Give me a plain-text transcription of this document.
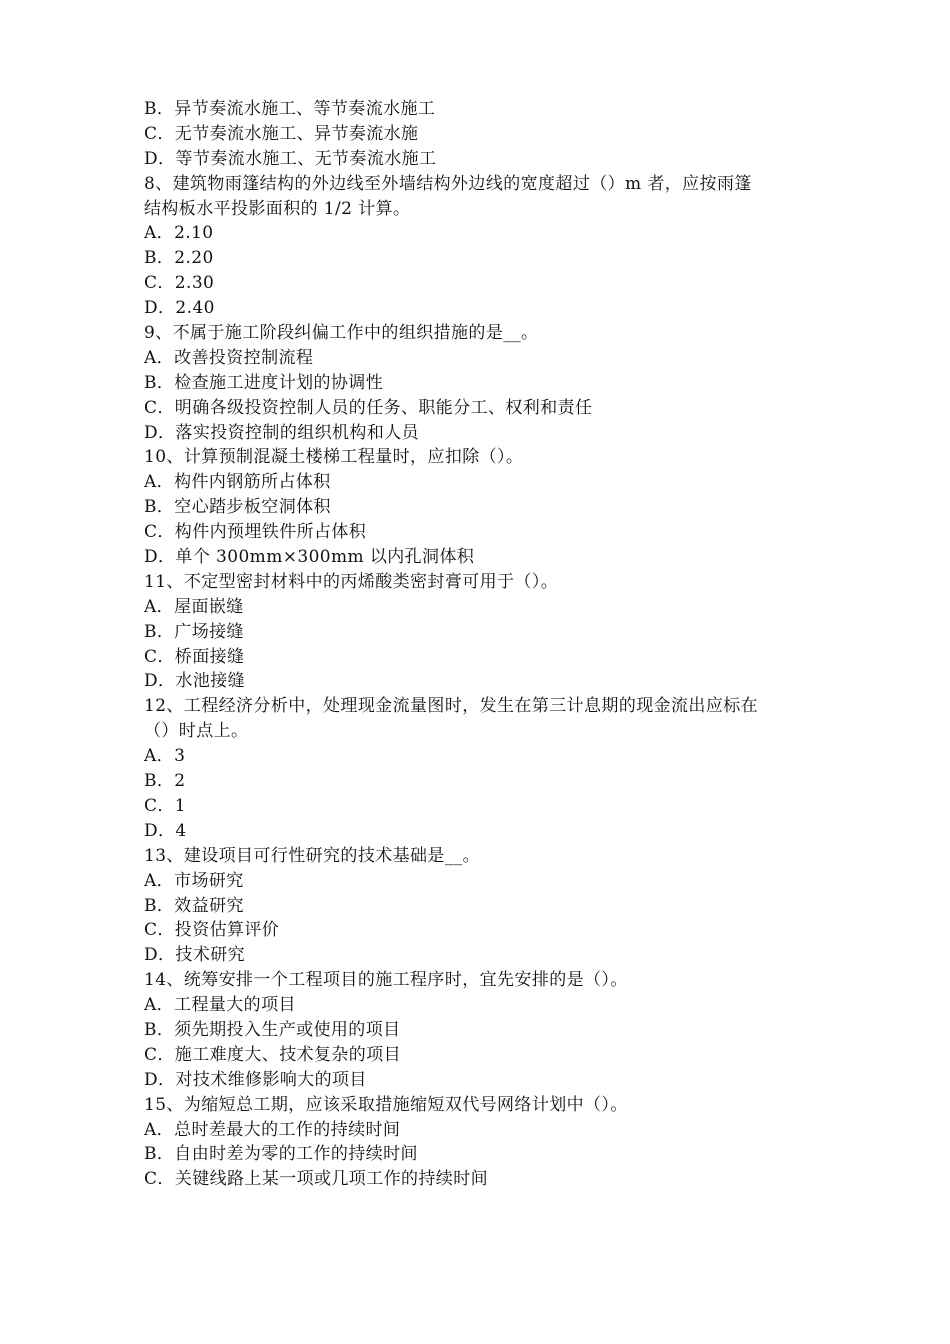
B．异节奏流水施工、等节奏流水施工
C．无节奏流水施工、异节奏流水施
D．等节奏流水施工、无节奏流水施工
8、建筑物雨篷结构的外边线至外墙结构外边线的宽度超过（）m 者，应按雨篷
结构板水平投影面积的 1/2 计算。
A．2.10
B．2.20
C．2.30
D．2.40
9、不属于施工阶段纠偏工作中的组织措施的是__。
A．改善投资控制流程
B．检查施工进度计划的协调性
C．明确各级投资控制人员的任务、职能分工、权利和责任
D．落实投资控制的组织机构和人员
10、计算预制混凝土楼梯工程量时，应扣除（）。
A．构件内钢筋所占体积
B．空心踏步板空洞体积
C．构件内预埋铁件所占体积
D．单个 300mm×300mm 以内孔洞体积
11、不定型密封材料中的丙烯酸类密封膏可用于（）。
A．屋面嵌缝
B．广场接缝
C．桥面接缝
D．水池接缝
12、工程经济分析中，处理现金流量图时，发生在第三计息期的现金流出应标在
（）时点上。
A．3
B．2
C．1
D．4
13、建设项目可行性研究的技术基础是__。
A．市场研究
B．效益研究
C．投资估算评价
D．技术研究
14、统筹安排一个工程项目的施工程序时，宜先安排的是（）。
A．工程量大的项目
B．须先期投入生产或使用的项目
C．施工难度大、技术复杂的项目
D．对技术维修影响大的项目
15、为缩短总工期，应该采取措施缩短双代号网络计划中（）。
A．总时差最大的工作的持续时间
B．自由时差为零的工作的持续时间
C．关键线路上某一项或几项工作的持续时间
